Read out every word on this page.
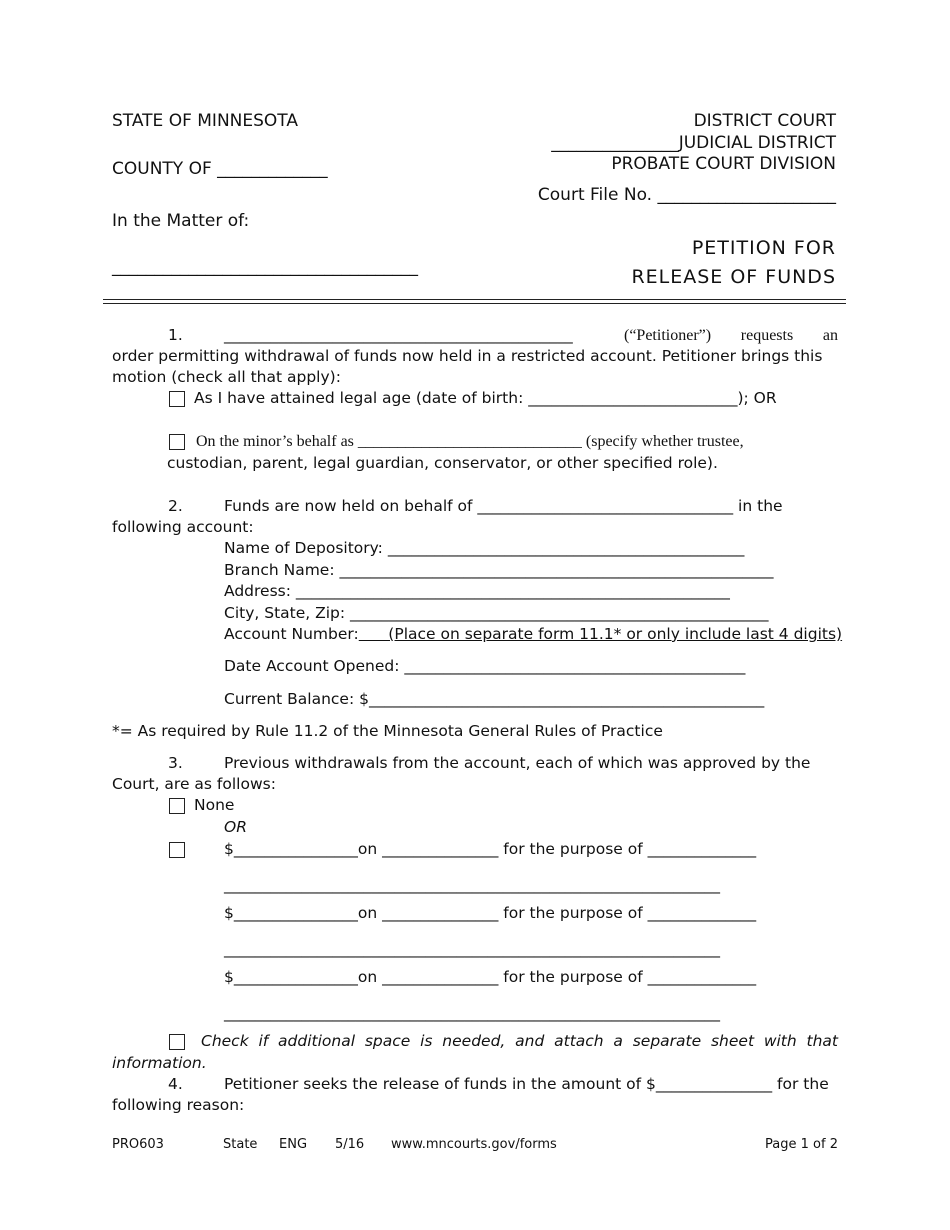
STATE OF MINNESOTA
COUNTY OF _____________
In the Matter of:
____________________________________
DISTRICT COURT
_______________JUDICIAL DISTRICT
PROBATE COURT DIVISION
Court File No. _____________________
PETITION FOR
RELEASE OF FUNDS
1.	_____________________________________________	(“Petitioner”) requests an
order permitting withdrawal of funds now held in a restricted account. Petitioner brings this
motion (check all that apply):
As I have attained legal age (date of birth: ___________________________); OR
On the minor’s behalf as ____________________________ (specify whether trustee,
custodian, parent, legal guardian, conservator, or other specified role).
2.	Funds are now held on behalf of _________________________________ in the
following account:
Name of Depository: ______________________________________________
Branch Name: ________________________________________________________
Address: ________________________________________________________
City, State, Zip: ______________________________________________________
Account Number:      (Place on separate form 11.1* or only include last 4 digits)
Date Account Opened: ____________________________________________
Current Balance: $___________________________________________________
*= As required by Rule 11.2 of the Minnesota General Rules of Practice
3.	Previous withdrawals from the account, each of which was approved by the
Court, are as follows:
None
OR
$________________on _______________ for the purpose of ______________
________________________________________________________________
$________________on _______________ for the purpose of ______________
________________________________________________________________
$________________on _______________ for the purpose of ______________
________________________________________________________________
Check if additional space is needed, and attach a separate sheet with that
information.
4.	Petitioner seeks the release of funds in the amount of $_______________ for the
following reason:
PRO603	State ENG 5/16 www.mncourts.gov/forms	Page 1 of 2
